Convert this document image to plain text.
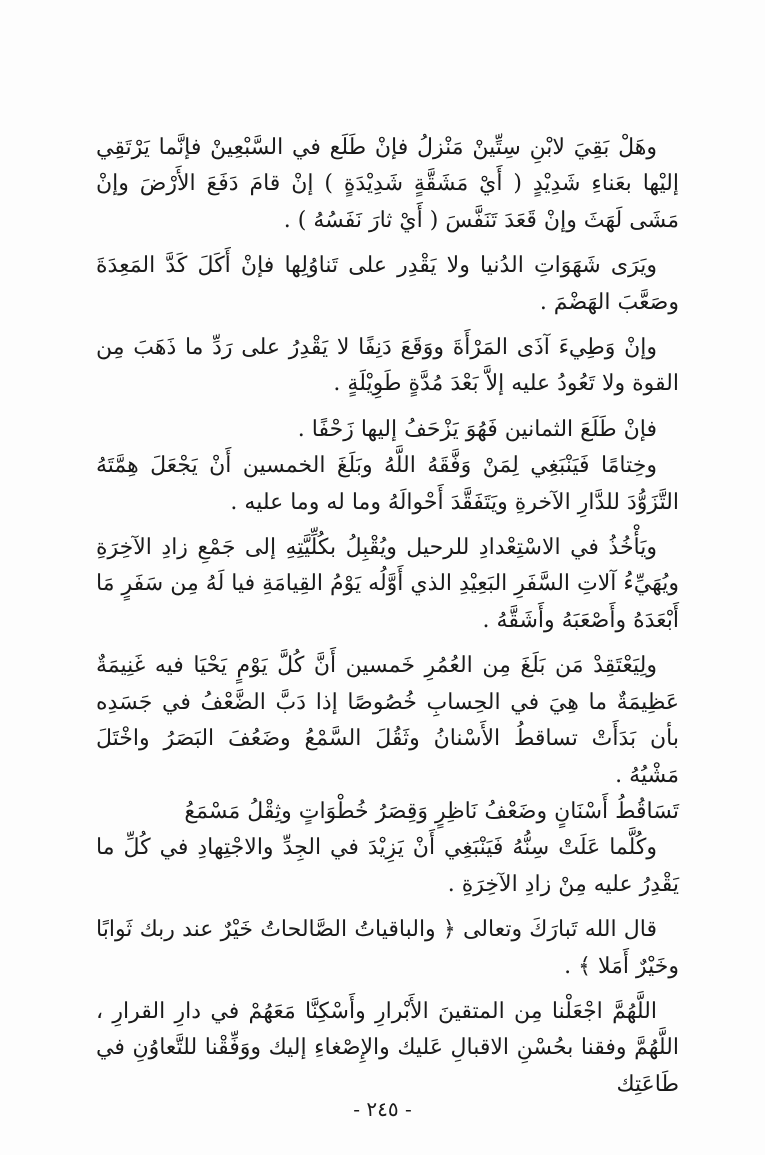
وهَلْ بَقِيَ لابْنِ سِتِّينْ مَنْزلُ فإنْ طَلَع في السَّبْعِينْ فإنَّما يَرْتَقِي إليْها بعَناءِ شَدِيْدٍ ( أَيْ مَشَقَّةٍ شَدِيْدَةٍ ) إنْ قامَ دَفَعَ الأَرْضَ وإنْ مَشَى لَهَثَ وإنْ قَعَدَ تَنَفَّسَ ( أَيْ ثارَ نَفَسُهُ ) .

ويَرَى شَهَوَاتِ الدُنيا ولا يَقْدِر على تَناوُلِها فإنْ أَكَلَ كَدَّ المَعِدَةَ وصَعَّبَ الهَضْمَ .

وإنْ وَطِيءَ آذَى المَرْأَةَ ووَقَعَ دَنِفًا لا يَقْدِرُ على رَدِّ ما ذَهَبَ مِن القوة ولا تَعُودُ عليه إلاَّ بَعْدَ مُدَّةٍ طَوِيْلَةٍ .

فإنْ طَلَعَ الثمانين فَهُوَ يَزْحَفُ إليها زَحْفًا .

وخِتامًا فَيَنْبَغِي لِمَنْ وَفَّقَهُ اللَّهُ وبَلَغَ الخمسين أَنْ يَجْعَلَ هِمَّتَهُ التَّزَوُّدَ للدَّارِ الآخرةِ ويَتَفَقَّدَ أَحْوالَهُ وما له وما عليه .

ويَأْخُذُ في الاسْتِعْدادِ للرحيل ويُقْبِلُ بكُلِّيَّتِهِ إلى جَمْعِ زادِ الآخِرَةِ ويُهَيِّءُ آلاتِ السَّفَرِ البَعِيْدِ الذي أَوَّلُه يَوْمُ القِيامَةِ فيا لَهُ مِن سَفَرٍ مَا أَبْعَدَهُ وأَصْعَبَهُ وأَشَقَّهُ .

ولِيَعْتَقِدْ مَن بَلَغَ مِن العُمُرِ خَمسين أَنَّ كُلَّ يَوْمٍ يَحْيَا فيه غَنِيمَةٌ عَظِيمَةٌ ما هِيَ في الحِسابِ خُصُوصًا إذا دَبَّ الضَّعْفُ في جَسَدِه بأن بَدَأَتْ تساقطُ الأَسْنانُ وثَقُلَ السَّمْعُ وضَعُفَ البَصَرُ واخْتَلَ مَشْيُهُ .

تَسَاقُطُ أَسْنَانٍ وضَعْفُ نَاظِرٍ وَقِصَرُ خُطْوَاتٍ وثِقْلُ مَسْمَعُ

وكُلَّما عَلَتْ سِنُّهُ فَيَنْبَغِي أَنْ يَزِيْدَ في الجِدِّ والاجْتِهادِ في كُلِّ ما يَقْدِرُ عليه مِنْ زادِ الآخِرَةِ .

قال الله تَبارَكَ وتعالى ﴿ والباقياتُ الصَّالحاتُ خَيْرٌ عند ربك ثَوابًا وخَيْرٌ أَمَلا ﴾ .

اللَّهُمَّ اجْعَلْنا مِن المتقينَ الأَبْرارِ وأَسْكِنَّا مَعَهُمْ في دارِ القرارِ ، اللَّهُمَّ وفقنا بحُسْنِ الاقبالِ عَليك والإِصْغاءِ إليك ووَفِّقْنا للتَّعاوُنِ في طَاعَتِك

- ٢٤٥ -
